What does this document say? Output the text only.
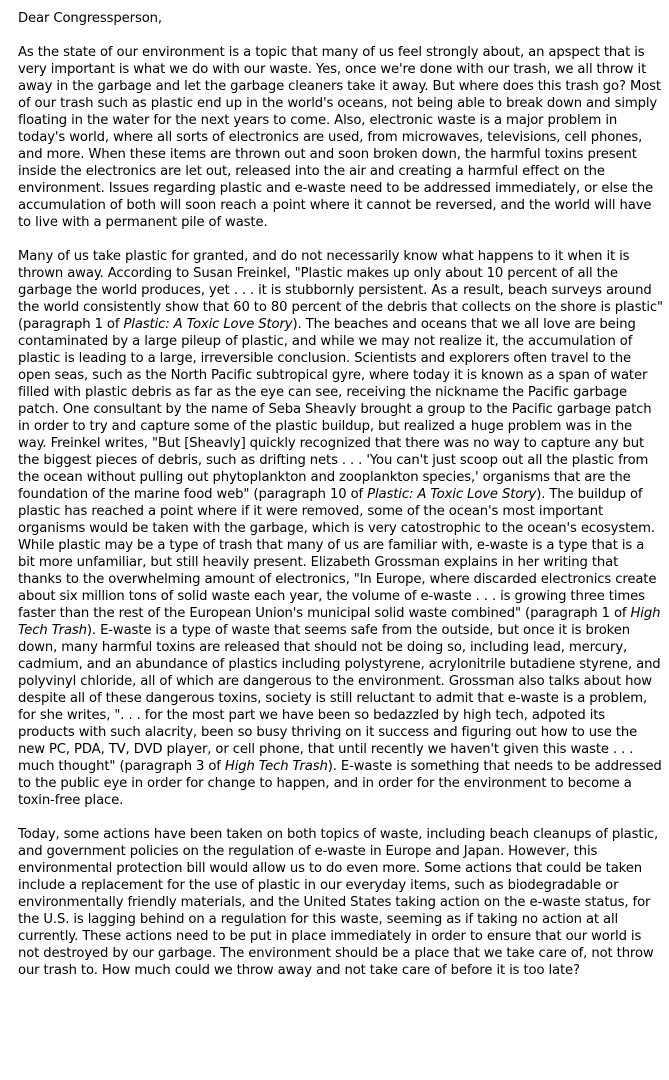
Dear Congressperson,
As the state of our environment is a topic that many of us feel strongly about, an apspect that is very important is what we do with our waste. Yes, once we're done with our trash, we all throw it away in the garbage and let the garbage cleaners take it away. But where does this trash go? Most of our trash such as plastic end up in the world's oceans, not being able to break down and simply floating in the water for the next years to come. Also, electronic waste is a major problem in today's world, where all sorts of electronics are used, from microwaves, televisions, cell phones, and more. When these items are thrown out and soon broken down, the harmful toxins present inside the electronics are let out, released into the air and creating a harmful effect on the environment. Issues regarding plastic and e-waste need to be addressed immediately, or else the accumulation of both will soon reach a point where it cannot be reversed, and the world will have to live with a permanent pile of waste.
Many of us take plastic for granted, and do not necessarily know what happens to it when it is thrown away. According to Susan Freinkel, "Plastic makes up only about 10 percent of all the garbage the world produces, yet . . . it is stubbornly persistent. As a result, beach surveys around the world consistently show that 60 to 80 percent of the debris that collects on the shore is plastic" (paragraph 1 of Plastic: A Toxic Love Story). The beaches and oceans that we all love are being contaminated by a large pileup of plastic, and while we may not realize it, the accumulation of plastic is leading to a large, irreversible conclusion. Scientists and explorers often travel to the open seas, such as the North Pacific subtropical gyre, where today it is known as a span of water filled with plastic debris as far as the eye can see, receiving the nickname the Pacific garbage patch. One consultant by the name of Seba Sheavly brought a group to the Pacific garbage patch in order to try and capture some of the plastic buildup, but realized a huge problem was in the way. Freinkel writes, "But [Sheavly] quickly recognized that there was no way to capture any but the biggest pieces of debris, such as drifting nets . . . 'You can't just scoop out all the plastic from the ocean without pulling out phytoplankton and zooplankton species,' organisms that are the foundation of the marine food web" (paragraph 10 of Plastic: A Toxic Love Story). The buildup of plastic has reached a point where if it were removed, some of the ocean's most important organisms would be taken with the garbage, which is very catostrophic to the ocean's ecosystem.
While plastic may be a type of trash that many of us are familiar with, e-waste is a type that is a bit more unfamiliar, but still heavily present. Elizabeth Grossman explains in her writing that thanks to the overwhelming amount of electronics, "In Europe, where discarded electronics create about six million tons of solid waste each year, the volume of e-waste . . . is growing three times faster than the rest of the European Union's municipal solid waste combined" (paragraph 1 of High Tech Trash). E-waste is a type of waste that seems safe from the outside, but once it is broken down, many harmful toxins are released that should not be doing so, including lead, mercury, cadmium, and an abundance of plastics including polystyrene, acrylonitrile butadiene styrene, and polyvinyl chloride, all of which are dangerous to the environment. Grossman also talks about how despite all of these dangerous toxins, society is still reluctant to admit that e-waste is a problem, for she writes, ". . . for the most part we have been so bedazzled by high tech, adpoted its products with such alacrity, been so busy thriving on it success and figuring out how to use the new PC, PDA, TV, DVD player, or cell phone, that until recently we haven't given this waste . . . much thought" (paragraph 3 of High Tech Trash). E-waste is something that needs to be addressed to the public eye in order for change to happen, and in order for the environment to become a toxin-free place.
Today, some actions have been taken on both topics of waste, including beach cleanups of plastic, and government policies on the regulation of e-waste in Europe and Japan. However, this environmental protection bill would allow us to do even more. Some actions that could be taken include a replacement for the use of plastic in our everyday items, such as biodegradable or environmentally friendly materials, and the United States taking action on the e-waste status, for the U.S. is lagging behind on a regulation for this waste, seeming as if taking no action at all currently. These actions need to be put in place immediately in order to ensure that our world is not destroyed by our garbage. The environment should be a place that we take care of, not throw our trash to. How much could we throw away and not take care of before it is too late?
